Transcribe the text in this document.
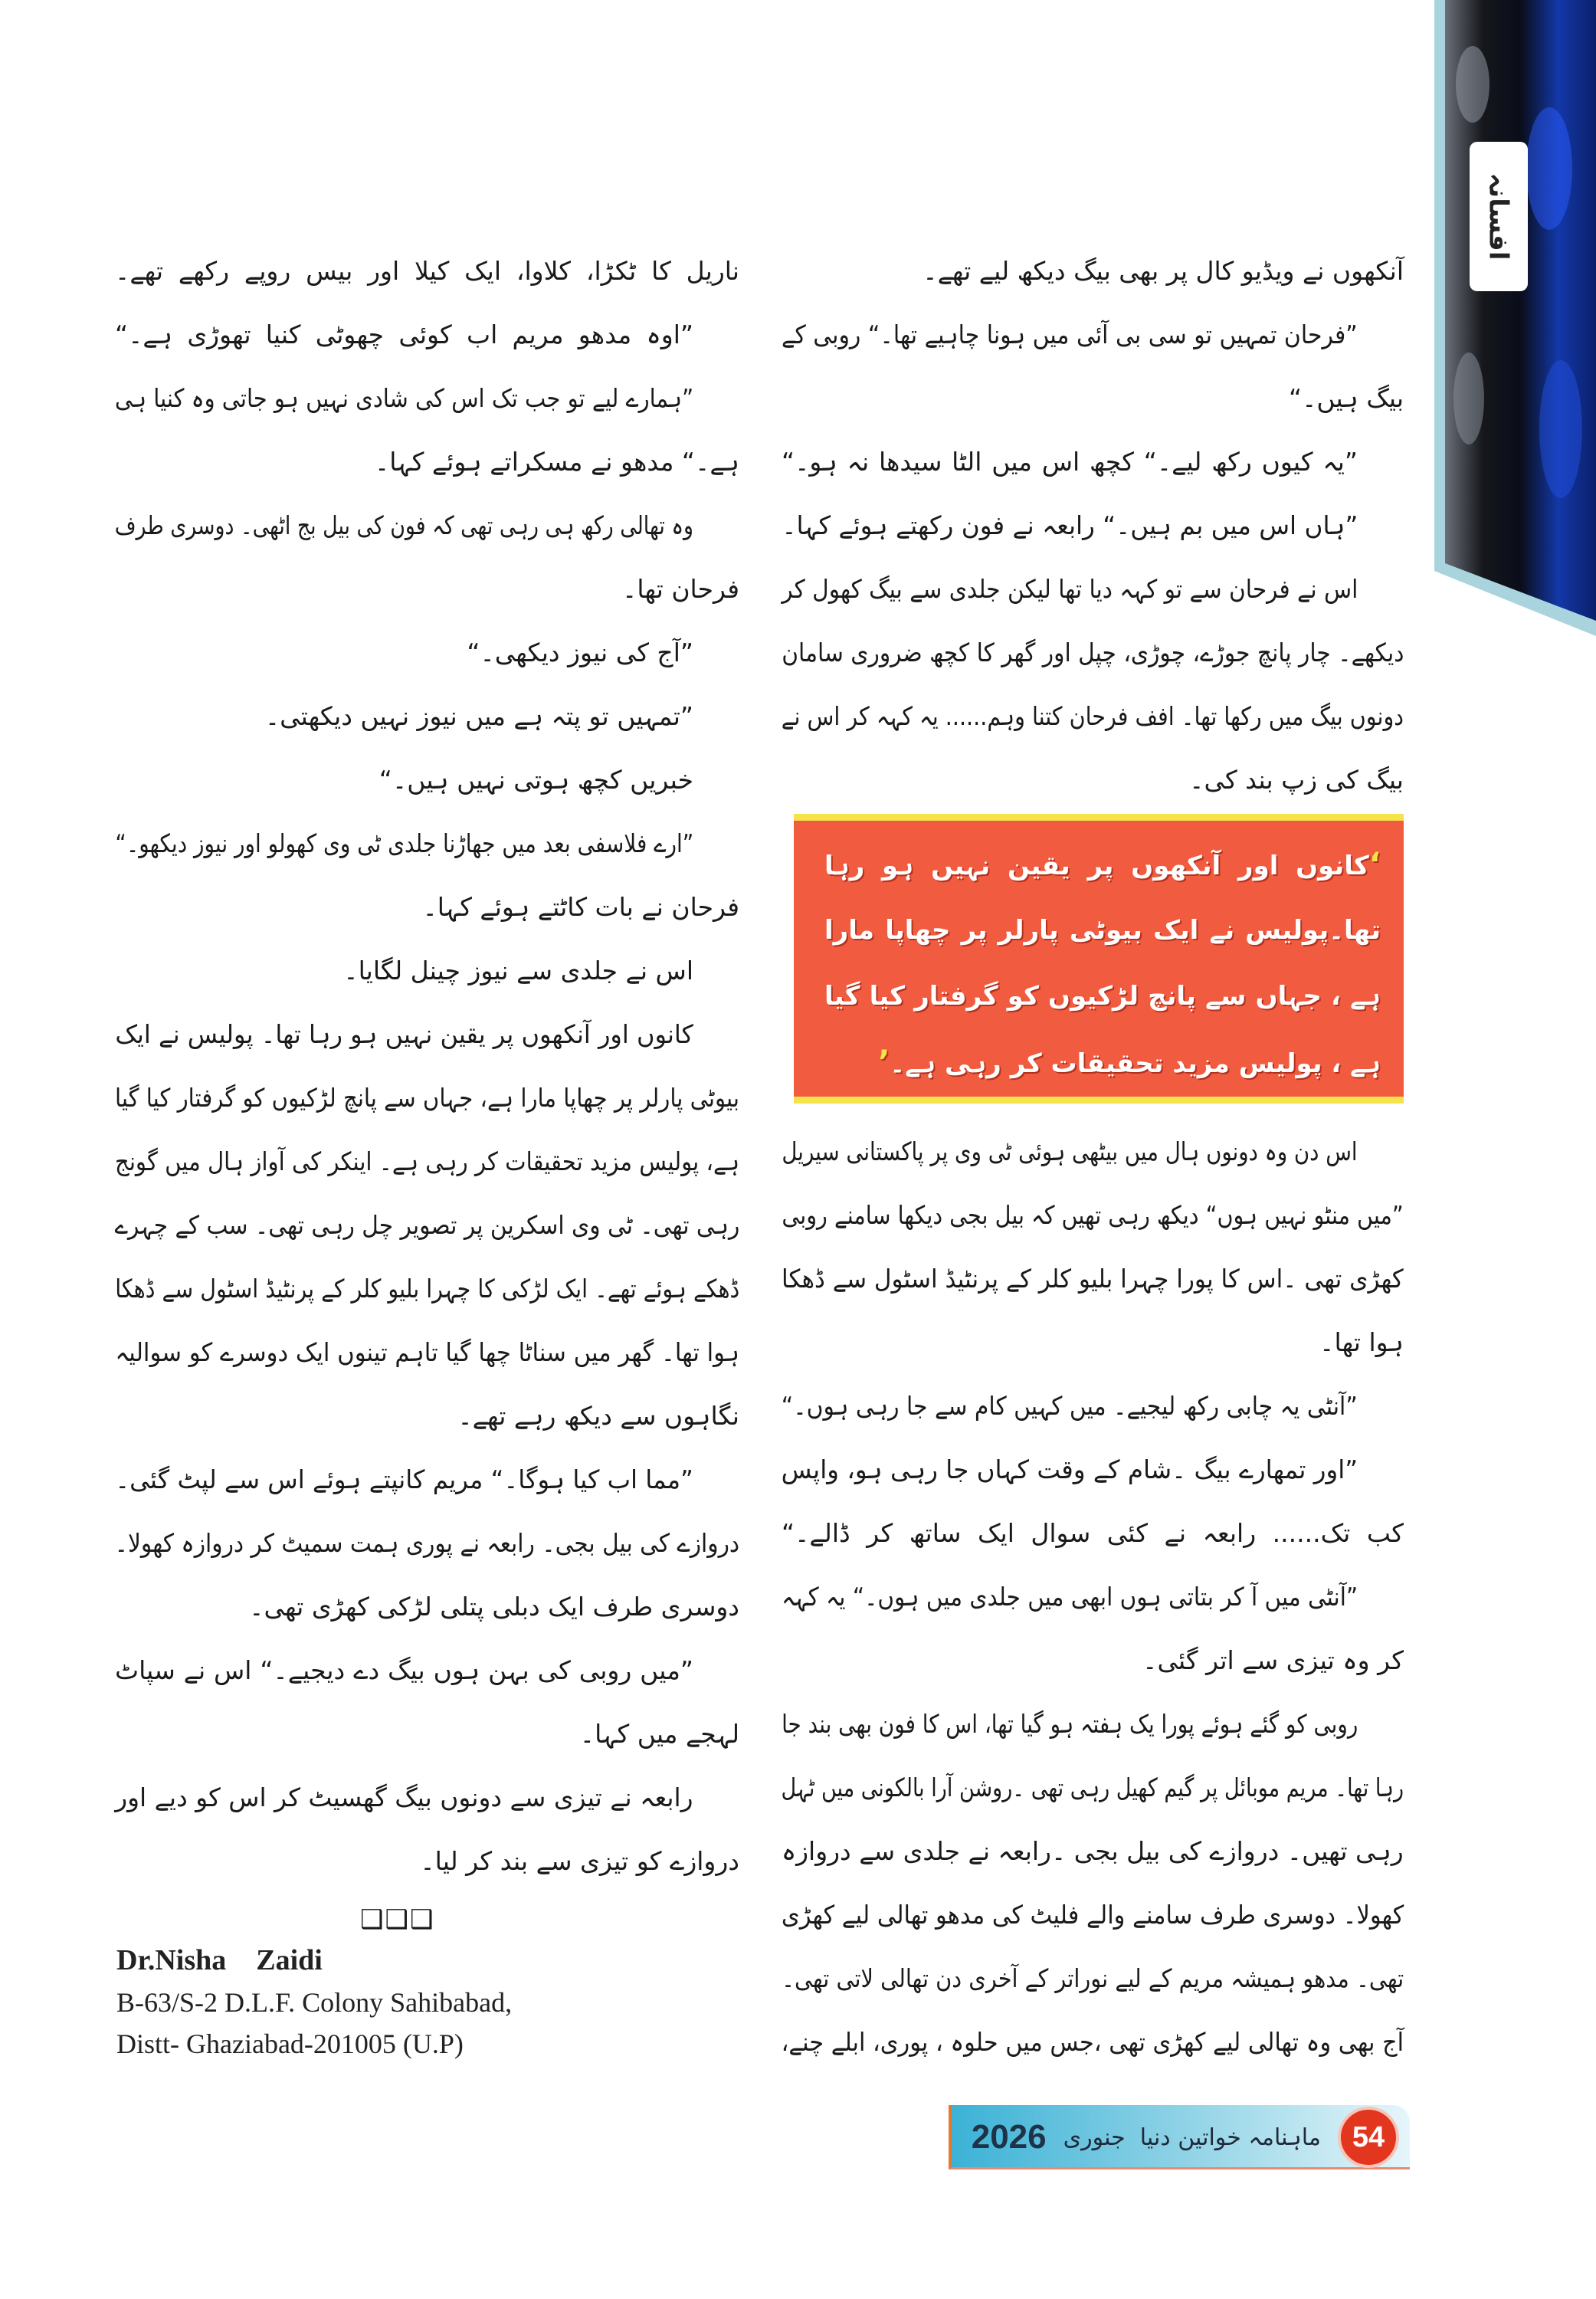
افسانہ
آنکھوں نے ویڈیو کال پر بھی بیگ دیکھ لیے تھے۔
”فرحان تمہیں تو سی بی آئی میں ہونا چاہیے تھا۔“ روبی کے
بیگ ہیں۔“
”یہ کیوں رکھ لیے۔“ کچھ اس میں الٹا سیدھا نہ ہو۔“
”ہاں اس میں بم ہیں۔“ رابعہ نے فون رکھتے ہوئے کہا۔
اس نے فرحان سے تو کہہ دیا تھا لیکن جلدی سے بیگ کھول کر
دیکھے۔ چار پانچ جوڑے، چوڑی، چپل اور گھر کا کچھ ضروری سامان
دونوں بیگ میں رکھا تھا۔ افف فرحان کتنا وہم...... یہ کہہ کر اس نے
بیگ کی زپ بند کی۔
‘کانوں اور آنکھوں پر یقین نہیں ہو رہا
تھا۔پولیس نے ایک بیوٹی پارلر پر چھاپا مارا
ہے ، جہاں سے پانچ لڑکیوں کو گرفتار کیا گیا
ہے ، پولیس مزید تحقیقات کر رہی ہے۔’
اس دن وہ دونوں ہال میں بیٹھی ہوئی ٹی وی پر پاکستانی سیریل
”میں منٹو نہیں ہوں“ دیکھ رہی تھیں کہ بیل بجی دیکھا سامنے روبی
کھڑی تھی ۔اس کا پورا چہرا بلیو کلر کے پرنٹیڈ اسٹول سے ڈھکا
ہوا تھا۔
”آنٹی یہ چابی رکھ لیجیے۔ میں کہیں کام سے جا رہی ہوں۔“
”اور تمھارے بیگ ۔شام کے وقت کہاں جا رہی ہو، واپس
کب تک...... رابعہ نے کئی سوال ایک ساتھ کر ڈالے۔“
”آنٹی میں آ کر بتاتی ہوں ابھی میں جلدی میں ہوں۔“ یہ کہہ
کر وہ تیزی سے اتر گئی۔
روبی کو گئے ہوئے پورا یک ہفتہ ہو گیا تھا، اس کا فون بھی بند جا
رہا تھا۔ مریم موبائل پر گیم کھیل رہی تھی ۔روشن آرا بالکونی میں ٹہل
رہی تھیں۔ دروازے کی بیل بجی ۔رابعہ نے جلدی سے دروازہ
کھولا۔ دوسری طرف سامنے والے فلیٹ کی مدھو تھالی لیے کھڑی
تھی۔ مدھو ہمیشہ مریم کے لیے نوراتر کے آخری دن تھالی لاتی تھی۔
آج بھی وہ تھالی لیے کھڑی تھی ،جس میں حلوہ ، پوری، ابلے چنے،
ناریل کا ٹکڑا، کلاوا، ایک کیلا اور بیس روپے رکھے تھے۔
”اوہ مدھو مریم اب کوئی چھوٹی کنیا تھوڑی ہے۔“
”ہمارے لیے تو جب تک اس کی شادی نہیں ہو جاتی وہ کنیا ہی
ہے۔“ مدھو نے مسکراتے ہوئے کہا۔
وہ تھالی رکھ ہی رہی تھی کہ فون کی بیل بج اٹھی۔ دوسری طرف
فرحان تھا۔
”آج کی نیوز دیکھی۔“
”تمہیں تو پتہ ہے میں نیوز نہیں دیکھتی۔
خبریں کچھ ہوتی نہیں ہیں۔“
”ارے فلاسفی بعد میں جھاڑنا جلدی ٹی وی کھولو اور نیوز دیکھو۔“
فرحان نے بات کاٹتے ہوئے کہا۔
اس نے جلدی سے نیوز چینل لگایا۔
کانوں اور آنکھوں پر یقین نہیں ہو رہا تھا۔ پولیس نے ایک
بیوٹی پارلر پر چھاپا مارا ہے، جہاں سے پانچ لڑکیوں کو گرفتار کیا گیا
ہے، پولیس مزید تحقیقات کر رہی ہے۔ اینکر کی آواز ہال میں گونج
رہی تھی۔ ٹی وی اسکرین پر تصویر چل رہی تھی۔ سب کے چہرے
ڈھکے ہوئے تھے۔ ایک لڑکی کا چہرا بلیو کلر کے پرنٹیڈ اسٹول سے ڈھکا
ہوا تھا۔ گھر میں سناٹا چھا گیا تاہم تینوں ایک دوسرے کو سوالیہ
نگاہوں سے دیکھ رہے تھے۔
”مما اب کیا ہوگا۔“ مریم کانپتے ہوئے اس سے لپٹ گئی۔
دروازے کی بیل بجی۔ رابعہ نے پوری ہمت سمیٹ کر دروازہ کھولا۔
دوسری طرف ایک دبلی پتلی لڑکی کھڑی تھی۔
”میں روبی کی بہن ہوں بیگ دے دیجیے۔“ اس نے سپاٹ
لہجے میں کہا۔
رابعہ نے تیزی سے دونوں بیگ گھسیٹ کر اس کو دیے اور
دروازے کو تیزی سے بند کر لیا۔
❑❑❑
Dr.Nisha  Zaidi
B-63/S-2 D.L.F. Colony Sahibabad,
Distt- Ghaziabad-201005 (U.P)
2026	ماہنامہ خواتین دنیا  جنوری	54
